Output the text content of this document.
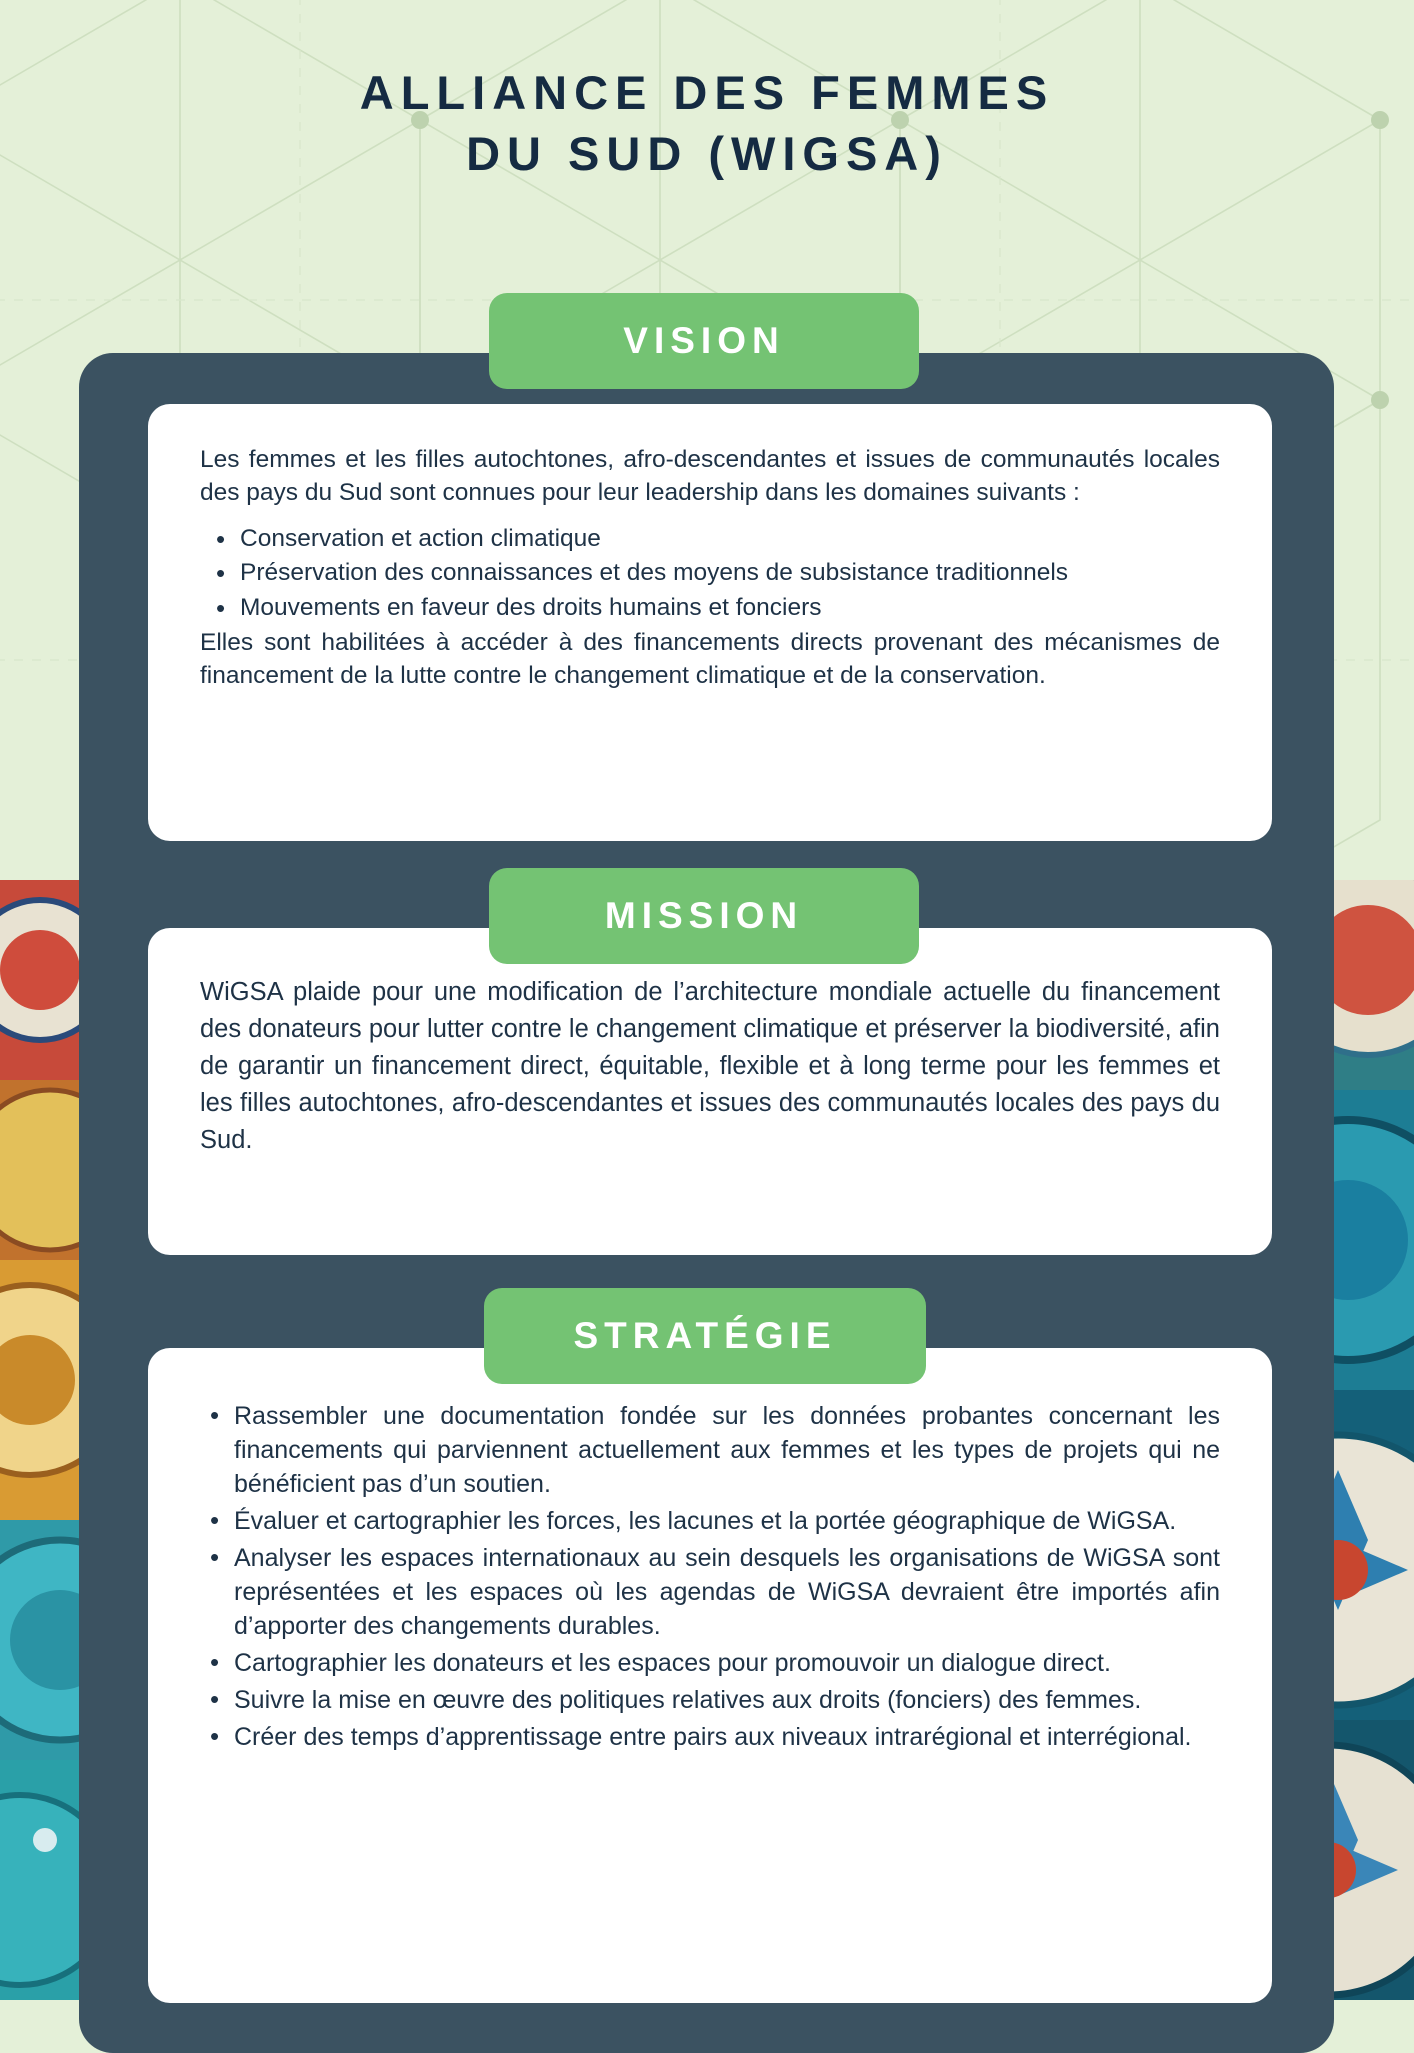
ALLIANCE DES FEMMES
DU SUD (WIGSA)
VISION

Les femmes et les filles autochtones, afro-descendantes et issues de communautés locales des pays du Sud sont connues pour leur leadership dans les domaines suivants :

• Conservation et action climatique
• Préservation des connaissances et des moyens de subsistance traditionnels
• Mouvements en faveur des droits humains et fonciers

Elles sont habilitées à accéder à des financements directs provenant des mécanismes de financement de la lutte contre le changement climatique et de la conservation.

MISSION

WiGSA plaide pour une modification de l’architecture mondiale actuelle du financement des donateurs pour lutter contre le changement climatique et préserver la biodiversité, afin de garantir un financement direct, équitable, flexible et à long terme pour les femmes et les filles autochtones, afro-descendantes et issues des communautés locales des pays du Sud.

STRATÉGIE
• Rassembler une documentation fondée sur les données probantes concernant les financements qui parviennent actuellement aux femmes et les types de projets qui ne bénéficient pas d’un soutien.
• Évaluer et cartographier les forces, les lacunes et la portée géographique de WiGSA.
• Analyser les espaces internationaux au sein desquels les organisations de WiGSA sont représentées et les espaces où les agendas de WiGSA devraient être importés afin d’apporter des changements durables.
• Cartographier les donateurs et les espaces pour promouvoir un dialogue direct.
• Suivre la mise en œuvre des politiques relatives aux droits (fonciers) des femmes.
• Créer des temps d’apprentissage entre pairs aux niveaux intrarégional et interrégional.
